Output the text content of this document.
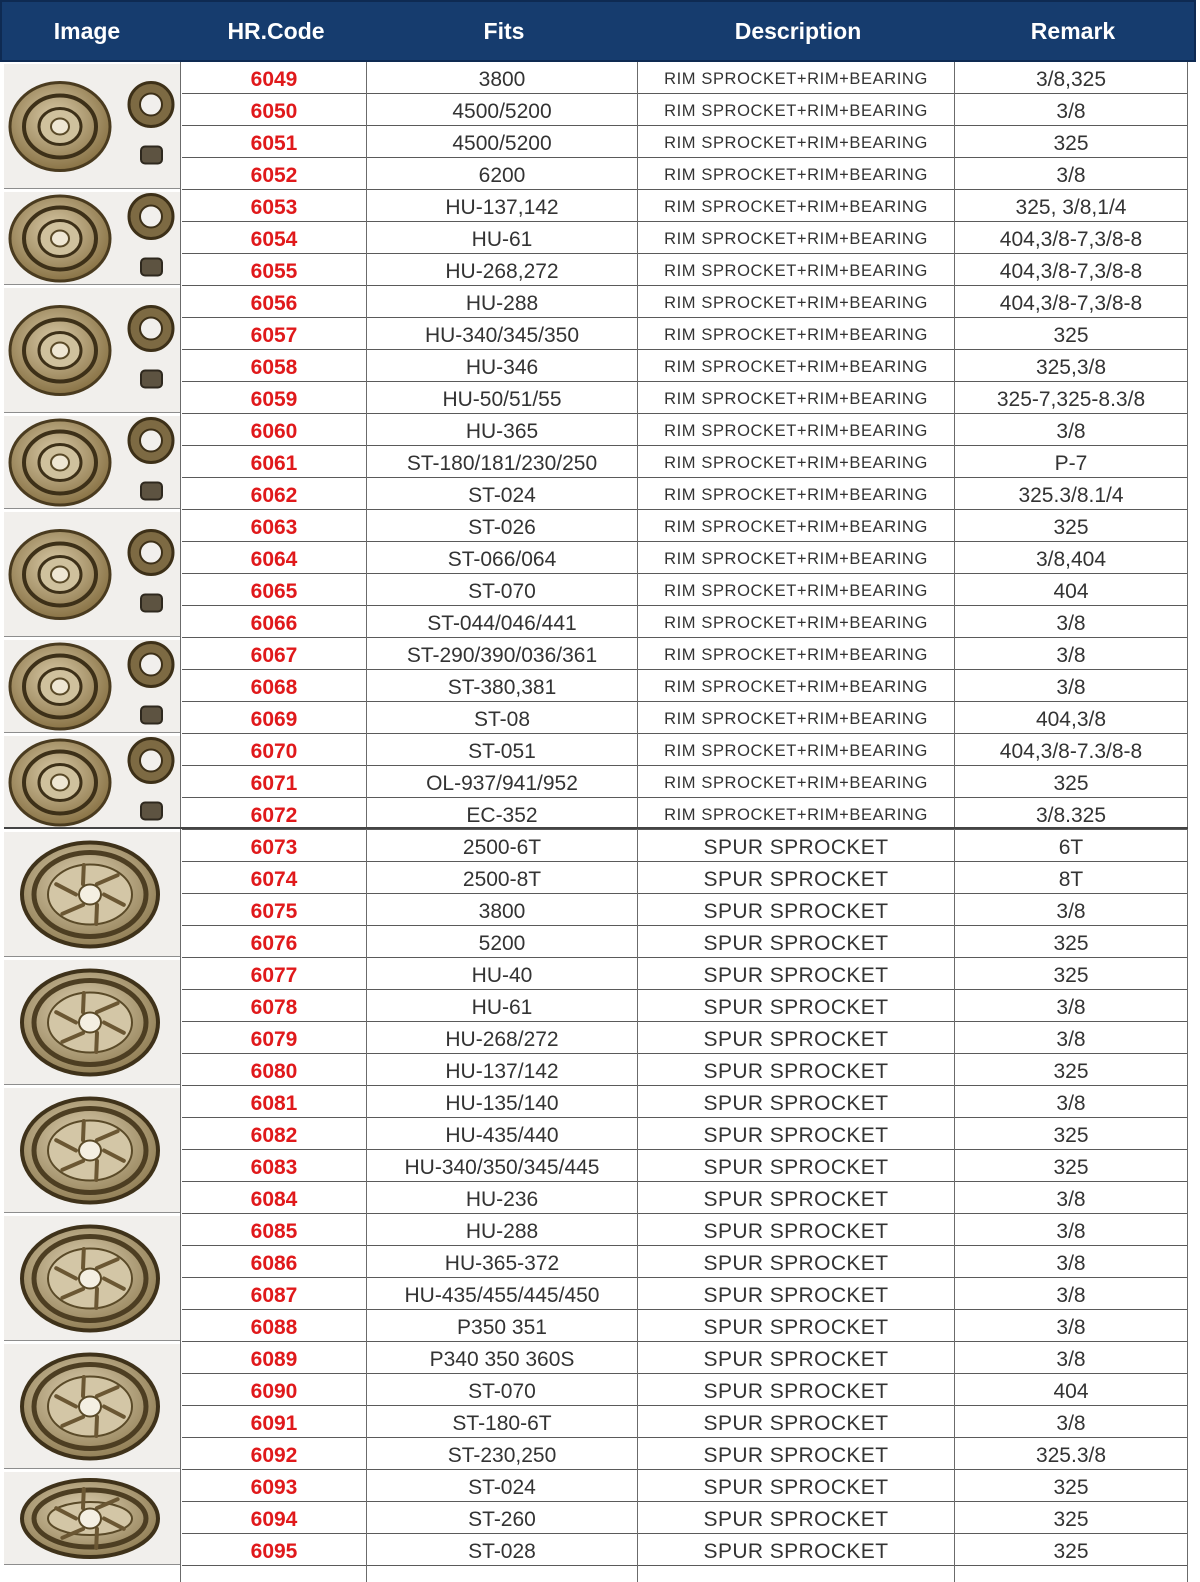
Image	HR.Code	Fits	Description	Remark
6049	3800	RIM SPROCKET+RIM+BEARING	3/8,325
6050	4500/5200	RIM SPROCKET+RIM+BEARING	3/8
6051	4500/5200	RIM SPROCKET+RIM+BEARING	325
6052	6200	RIM SPROCKET+RIM+BEARING	3/8
6053	HU-137,142	RIM SPROCKET+RIM+BEARING	325, 3/8,1/4
6054	HU-61	RIM SPROCKET+RIM+BEARING	404,3/8-7,3/8-8
6055	HU-268,272	RIM SPROCKET+RIM+BEARING	404,3/8-7,3/8-8
6056	HU-288	RIM SPROCKET+RIM+BEARING	404,3/8-7,3/8-8
6057	HU-340/345/350	RIM SPROCKET+RIM+BEARING	325
6058	HU-346	RIM SPROCKET+RIM+BEARING	325,3/8
6059	HU-50/51/55	RIM SPROCKET+RIM+BEARING	325-7,325-8.3/8
6060	HU-365	RIM SPROCKET+RIM+BEARING	3/8
6061	ST-180/181/230/250	RIM SPROCKET+RIM+BEARING	P-7
6062	ST-024	RIM SPROCKET+RIM+BEARING	325.3/8.1/4
6063	ST-026	RIM SPROCKET+RIM+BEARING	325
6064	ST-066/064	RIM SPROCKET+RIM+BEARING	3/8,404
6065	ST-070	RIM SPROCKET+RIM+BEARING	404
6066	ST-044/046/441	RIM SPROCKET+RIM+BEARING	3/8
6067	ST-290/390/036/361	RIM SPROCKET+RIM+BEARING	3/8
6068	ST-380,381	RIM SPROCKET+RIM+BEARING	3/8
6069	ST-08	RIM SPROCKET+RIM+BEARING	404,3/8
6070	ST-051	RIM SPROCKET+RIM+BEARING	404,3/8-7.3/8-8
6071	OL-937/941/952	RIM SPROCKET+RIM+BEARING	325
6072	EC-352	RIM SPROCKET+RIM+BEARING	3/8.325
6073	2500-6T	SPUR SPROCKET	6T
6074	2500-8T	SPUR SPROCKET	8T
6075	3800	SPUR SPROCKET	3/8
6076	5200	SPUR SPROCKET	325
6077	HU-40	SPUR SPROCKET	325
6078	HU-61	SPUR SPROCKET	3/8
6079	HU-268/272	SPUR SPROCKET	3/8
6080	HU-137/142	SPUR SPROCKET	325
6081	HU-135/140	SPUR SPROCKET	3/8
6082	HU-435/440	SPUR SPROCKET	325
6083	HU-340/350/345/445	SPUR SPROCKET	325
6084	HU-236	SPUR SPROCKET	3/8
6085	HU-288	SPUR SPROCKET	3/8
6086	HU-365-372	SPUR SPROCKET	3/8
6087	HU-435/455/445/450	SPUR SPROCKET	3/8
6088	P350 351	SPUR SPROCKET	3/8
6089	P340 350 360S	SPUR SPROCKET	3/8
6090	ST-070	SPUR SPROCKET	404
6091	ST-180-6T	SPUR SPROCKET	3/8
6092	ST-230,250	SPUR SPROCKET	325.3/8
6093	ST-024	SPUR SPROCKET	325
6094	ST-260	SPUR SPROCKET	325
6095	ST-028	SPUR SPROCKET	325
